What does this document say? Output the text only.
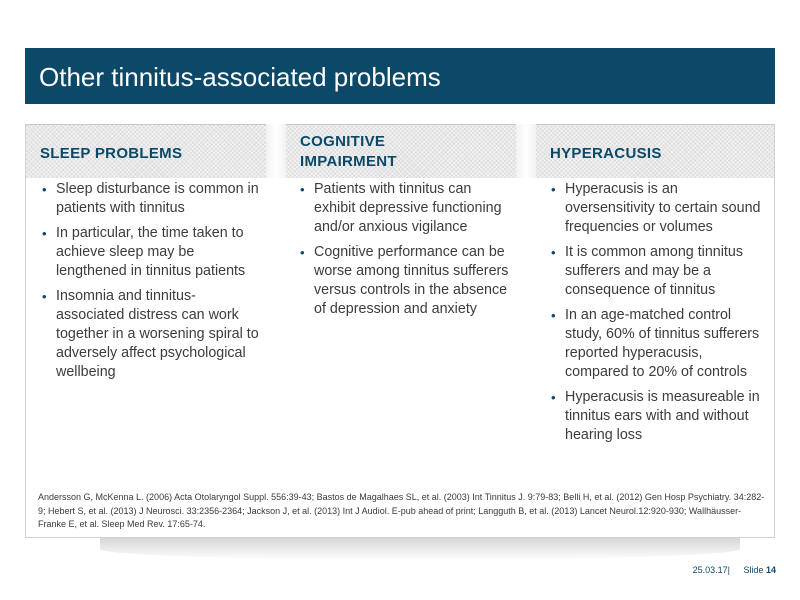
Other tinnitus-associated problems
SLEEP PROBLEMS
COGNITIVE
IMPAIRMENT	HYPERACUSIS
• Sleep disturbance is common in patients with tinnitus
• In particular, the time taken to achieve sleep may be lengthened in tinnitus patients
• Insomnia and tinnitus-associated distress can work together in a worsening spiral to adversely affect psychological wellbeing
• Patients with tinnitus can exhibit depressive functioning and/or anxious vigilance
• Cognitive performance can be worse among tinnitus sufferers versus controls in the absence of depression and anxiety
• Hyperacusis is an oversensitivity to certain sound frequencies or volumes
• It is common among tinnitus sufferers and may be a consequence of tinnitus
• In an age-matched control study, 60% of tinnitus sufferers reported hyperacusis, compared to 20% of controls
• Hyperacusis is measureable in tinnitus ears with and without hearing loss
Andersson G, McKenna L. (2006) Acta Otolaryngol Suppl. 556:39-43; Bastos de Magalhaes SL, et al. (2003) Int Tinnitus J. 9:79-83; Belli H, et al. (2012) Gen Hosp Psychiatry. 34:282-9; Hebert S, et al. (2013) J Neurosci. 33:2356-2364; Jackson J, et al. (2013) Int J Audiol. E-pub ahead of print; Langguth B, et al. (2013) Lancet Neurol.12:920-930; Wallhäusser-Franke E, et al. Sleep Med Rev. 17:65-74.
25.03.17| Slide 14
